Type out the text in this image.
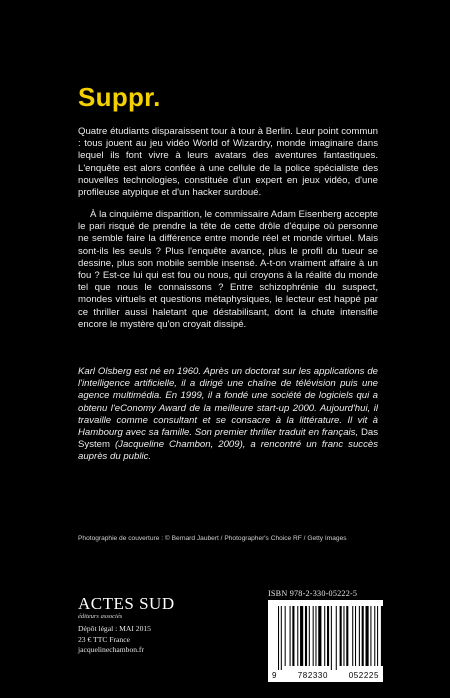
Suppr.

Quatre étudiants disparaissent tour à tour à Berlin. Leur point commun : tous jouent au jeu vidéo World of Wizardry, monde imaginaire dans lequel ils font vivre à leurs avatars des aventures fantastiques. L'enquête est alors confiée à une cellule de la police spécialiste des nouvelles technologies, constituée d'un expert en jeux vidéo, d'une profileuse atypique et d'un hacker surdoué.

À la cinquième disparition, le commissaire Adam Eisenberg accepte le pari risqué de prendre la tête de cette drôle d'équipe où personne ne semble faire la différence entre monde réel et monde virtuel. Mais sont-ils les seuls ? Plus l'enquête avance, plus le profil du tueur se dessine, plus son mobile semble insensé. A-t-on vraiment affaire à un fou ? Est-ce lui qui est fou ou nous, qui croyons à la réalité du monde tel que nous le connaissons ? Entre schizophrénie du suspect, mondes virtuels et questions métaphysiques, le lecteur est happé par ce thriller aussi haletant que déstabilisant, dont la chute intensifie encore le mystère qu'on croyait dissipé.

Karl Olsberg est né en 1960. Après un doctorat sur les applications de l'intelligence artificielle, il a dirigé une chaîne de télévision puis une agence multimédia. En 1999, il a fondé une société de logiciels qui a obtenu l'eConomy Award de la meilleure start-up 2000. Aujourd'hui, il travaille comme consultant et se consacre à la littérature. Il vit à Hambourg avec sa famille. Son premier thriller traduit en français, Das System (Jacqueline Chambon, 2009), a rencontré un franc succès auprès du public.

Photographie de couverture : © Bernard Jaubert / Photographer's Choice RF / Getty Images
ACTES SUD
éditeurs associés
Dépôt légal : MAI 2015
23 € TTC France
jacquelinechambon.fr
ISBN 978-2-330-05222-5
9	782330	052225
